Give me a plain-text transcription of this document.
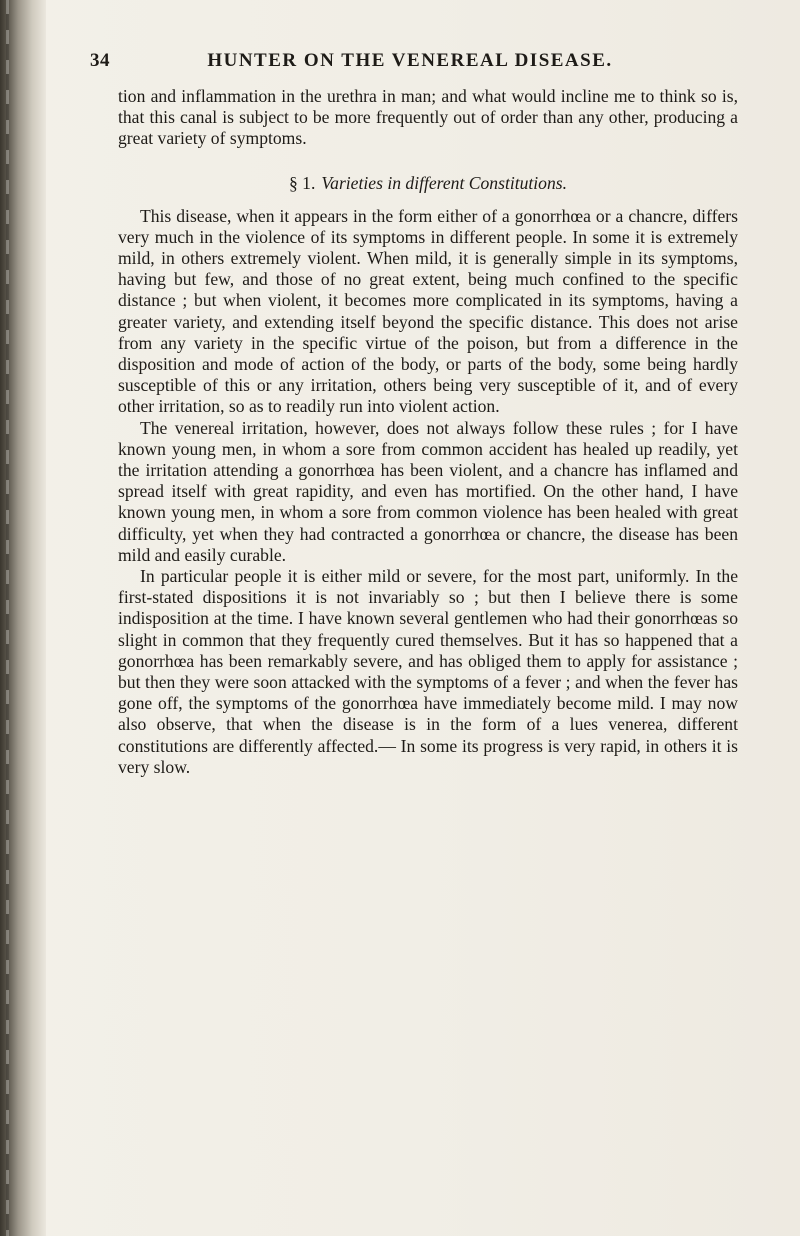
34	HUNTER ON THE VENEREAL DISEASE.

tion and inflammation in the urethra in man; and what would incline me to think so is, that this canal is subject to be more frequently out of order than any other, producing a great variety of symptoms.

§ 1. Varieties in different Constitutions.

This disease, when it appears in the form either of a gonorrhœa or a chancre, differs very much in the violence of its symptoms in different people. In some it is extremely mild, in others extremely violent. When mild, it is generally simple in its symptoms, having but few, and those of no great extent, being much confined to the specific distance ; but when violent, it becomes more complicated in its symptoms, having a greater variety, and extending itself beyond the specific distance. This does not arise from any variety in the specific virtue of the poison, but from a difference in the disposition and mode of action of the body, or parts of the body, some being hardly susceptible of this or any irritation, others being very susceptible of it, and of every other irritation, so as to readily run into violent action.

The venereal irritation, however, does not always follow these rules ; for I have known young men, in whom a sore from common accident has healed up readily, yet the irritation attending a gonorrhœa has been violent, and a chancre has inflamed and spread itself with great rapidity, and even has mortified. On the other hand, I have known young men, in whom a sore from common violence has been healed with great difficulty, yet when they had contracted a gonorrhœa or chancre, the disease has been mild and easily curable.

In particular people it is either mild or severe, for the most part, uniformly. In the first-stated dispositions it is not invariably so ; but then I believe there is some indisposition at the time. I have known several gentlemen who had their gonorrhœas so slight in common that they frequently cured themselves. But it has so happened that a gonorrhœa has been remarkably severe, and has obliged them to apply for assistance ; but then they were soon attacked with the symptoms of a fever ; and when the fever has gone off, the symptoms of the gonorrhœa have immediately become mild. I may now also observe, that when the disease is in the form of a lues venerea, different constitutions are differently affected.— In some its progress is very rapid, in others it is very slow.
